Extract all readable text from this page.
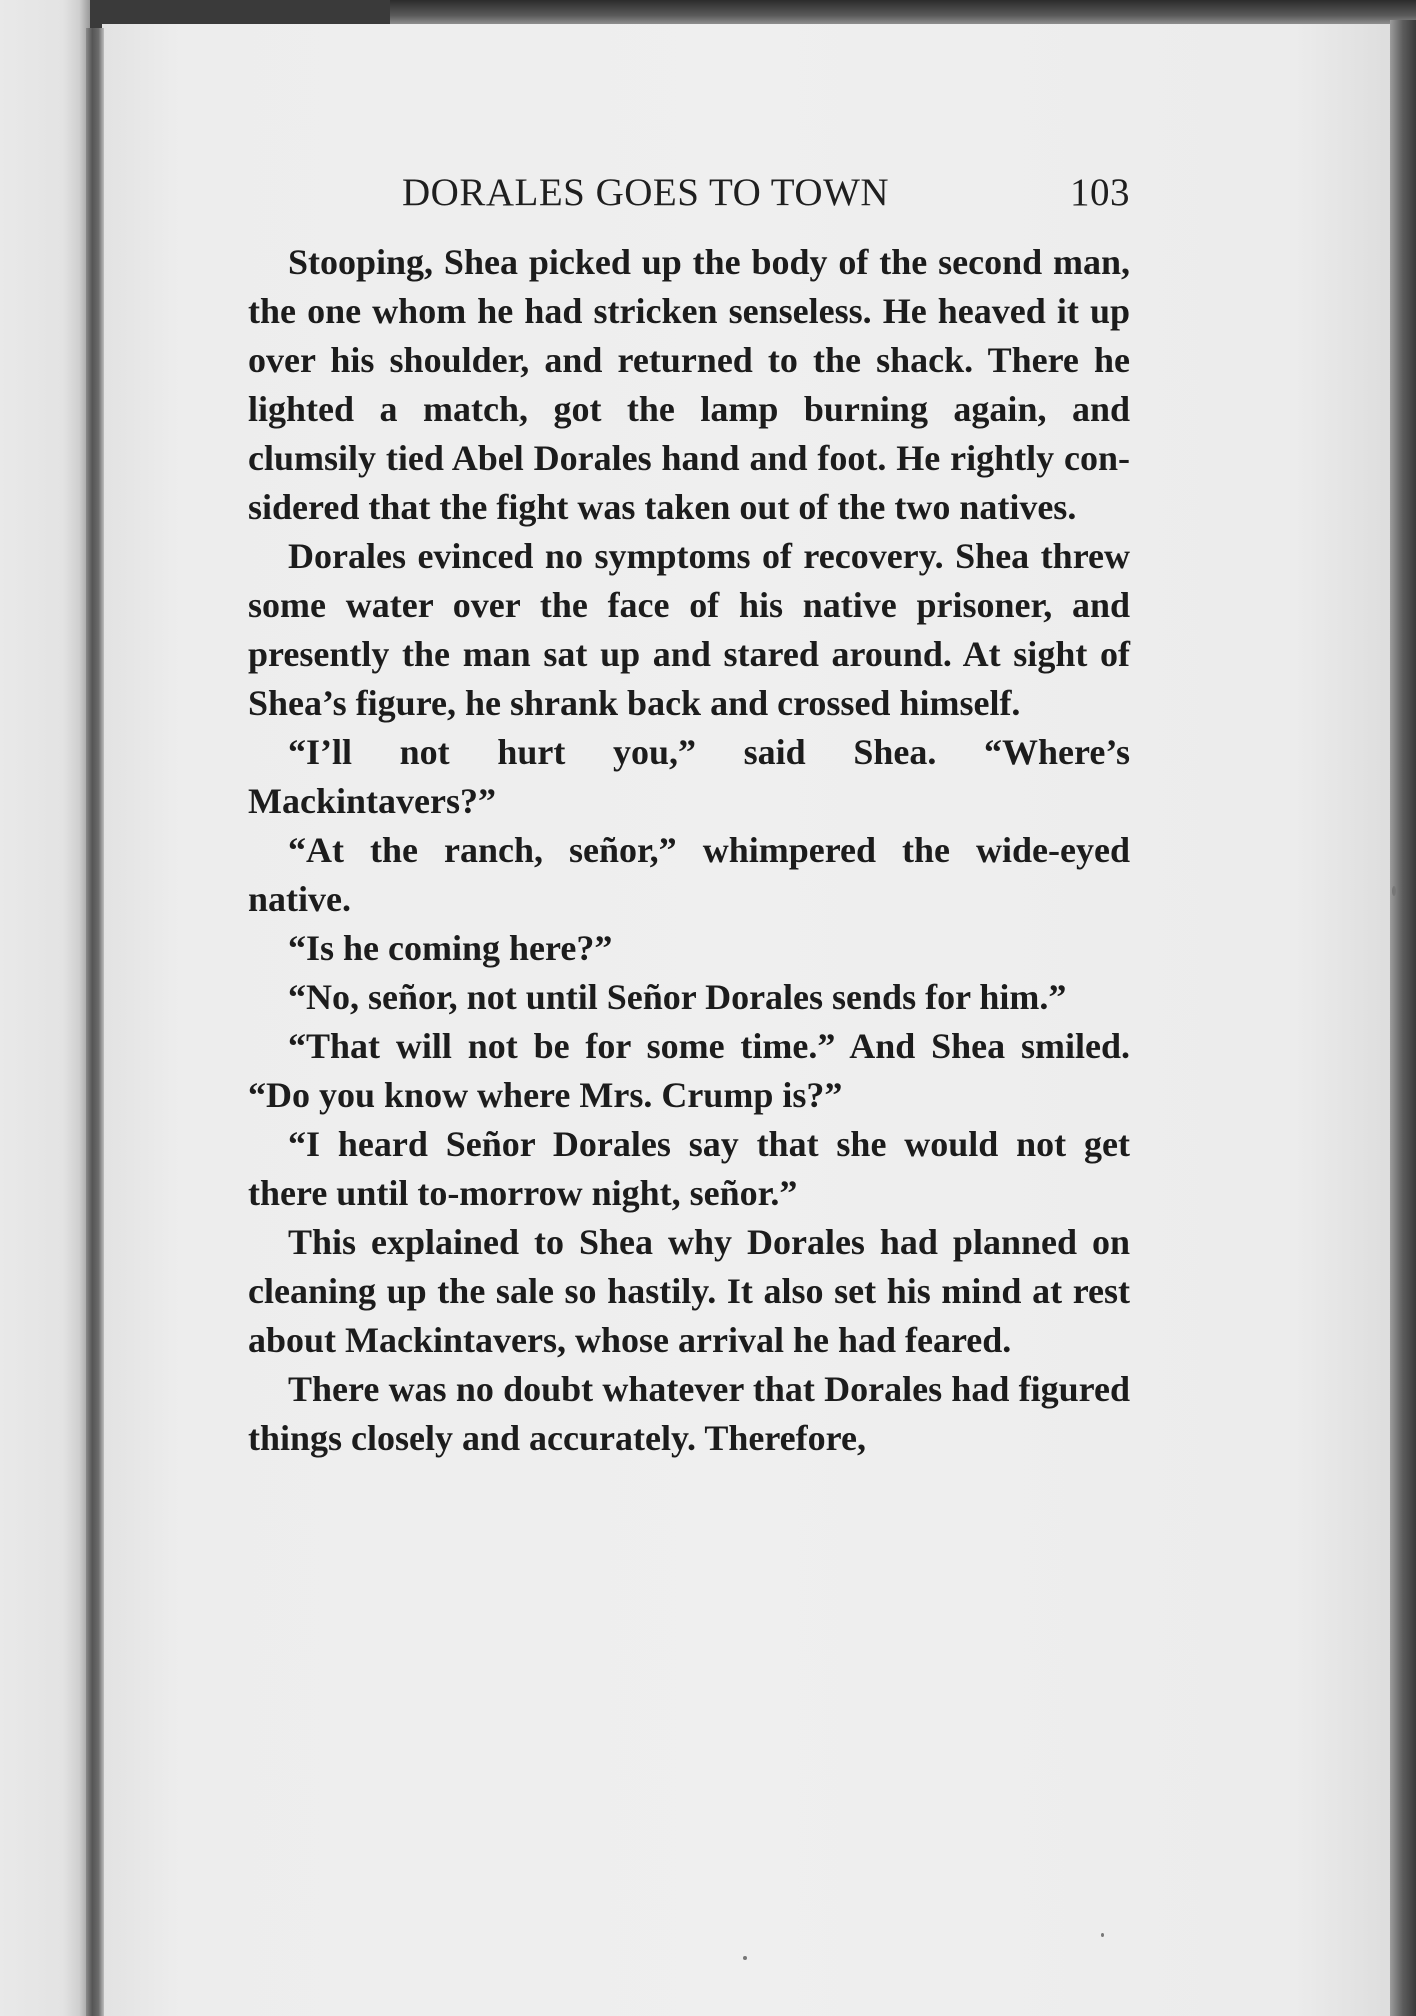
DORALES GOES TO TOWN	103

Stooping, Shea picked up the body of the second man, the one whom he had stricken senseless. He heaved it up over his shoulder, and returned to the shack. There he lighted a match, got the lamp burning again, and clumsily tied Abel Dorales hand and foot. He rightly considered that the fight was taken out of the two natives.

Dorales evinced no symptoms of recovery. Shea threw some water over the face of his native prisoner, and presently the man sat up and stared around. At sight of Shea’s figure, he shrank back and crossed himself.

“I’ll not hurt you,” said Shea. “Where’s Mackintavers?”

“At the ranch, señor,” whimpered the wide-eyed native.

“Is he coming here?”

“No, señor, not until Señor Dorales sends for him.”

“That will not be for some time.” And Shea smiled. “Do you know where Mrs. Crump is?”

“I heard Señor Dorales say that she would not get there until to-morrow night, señor.”

This explained to Shea why Dorales had planned on cleaning up the sale so hastily. It also set his mind at rest about Mackintavers, whose arrival he had feared.

There was no doubt whatever that Dorales had figured things closely and accurately. Therefore,
